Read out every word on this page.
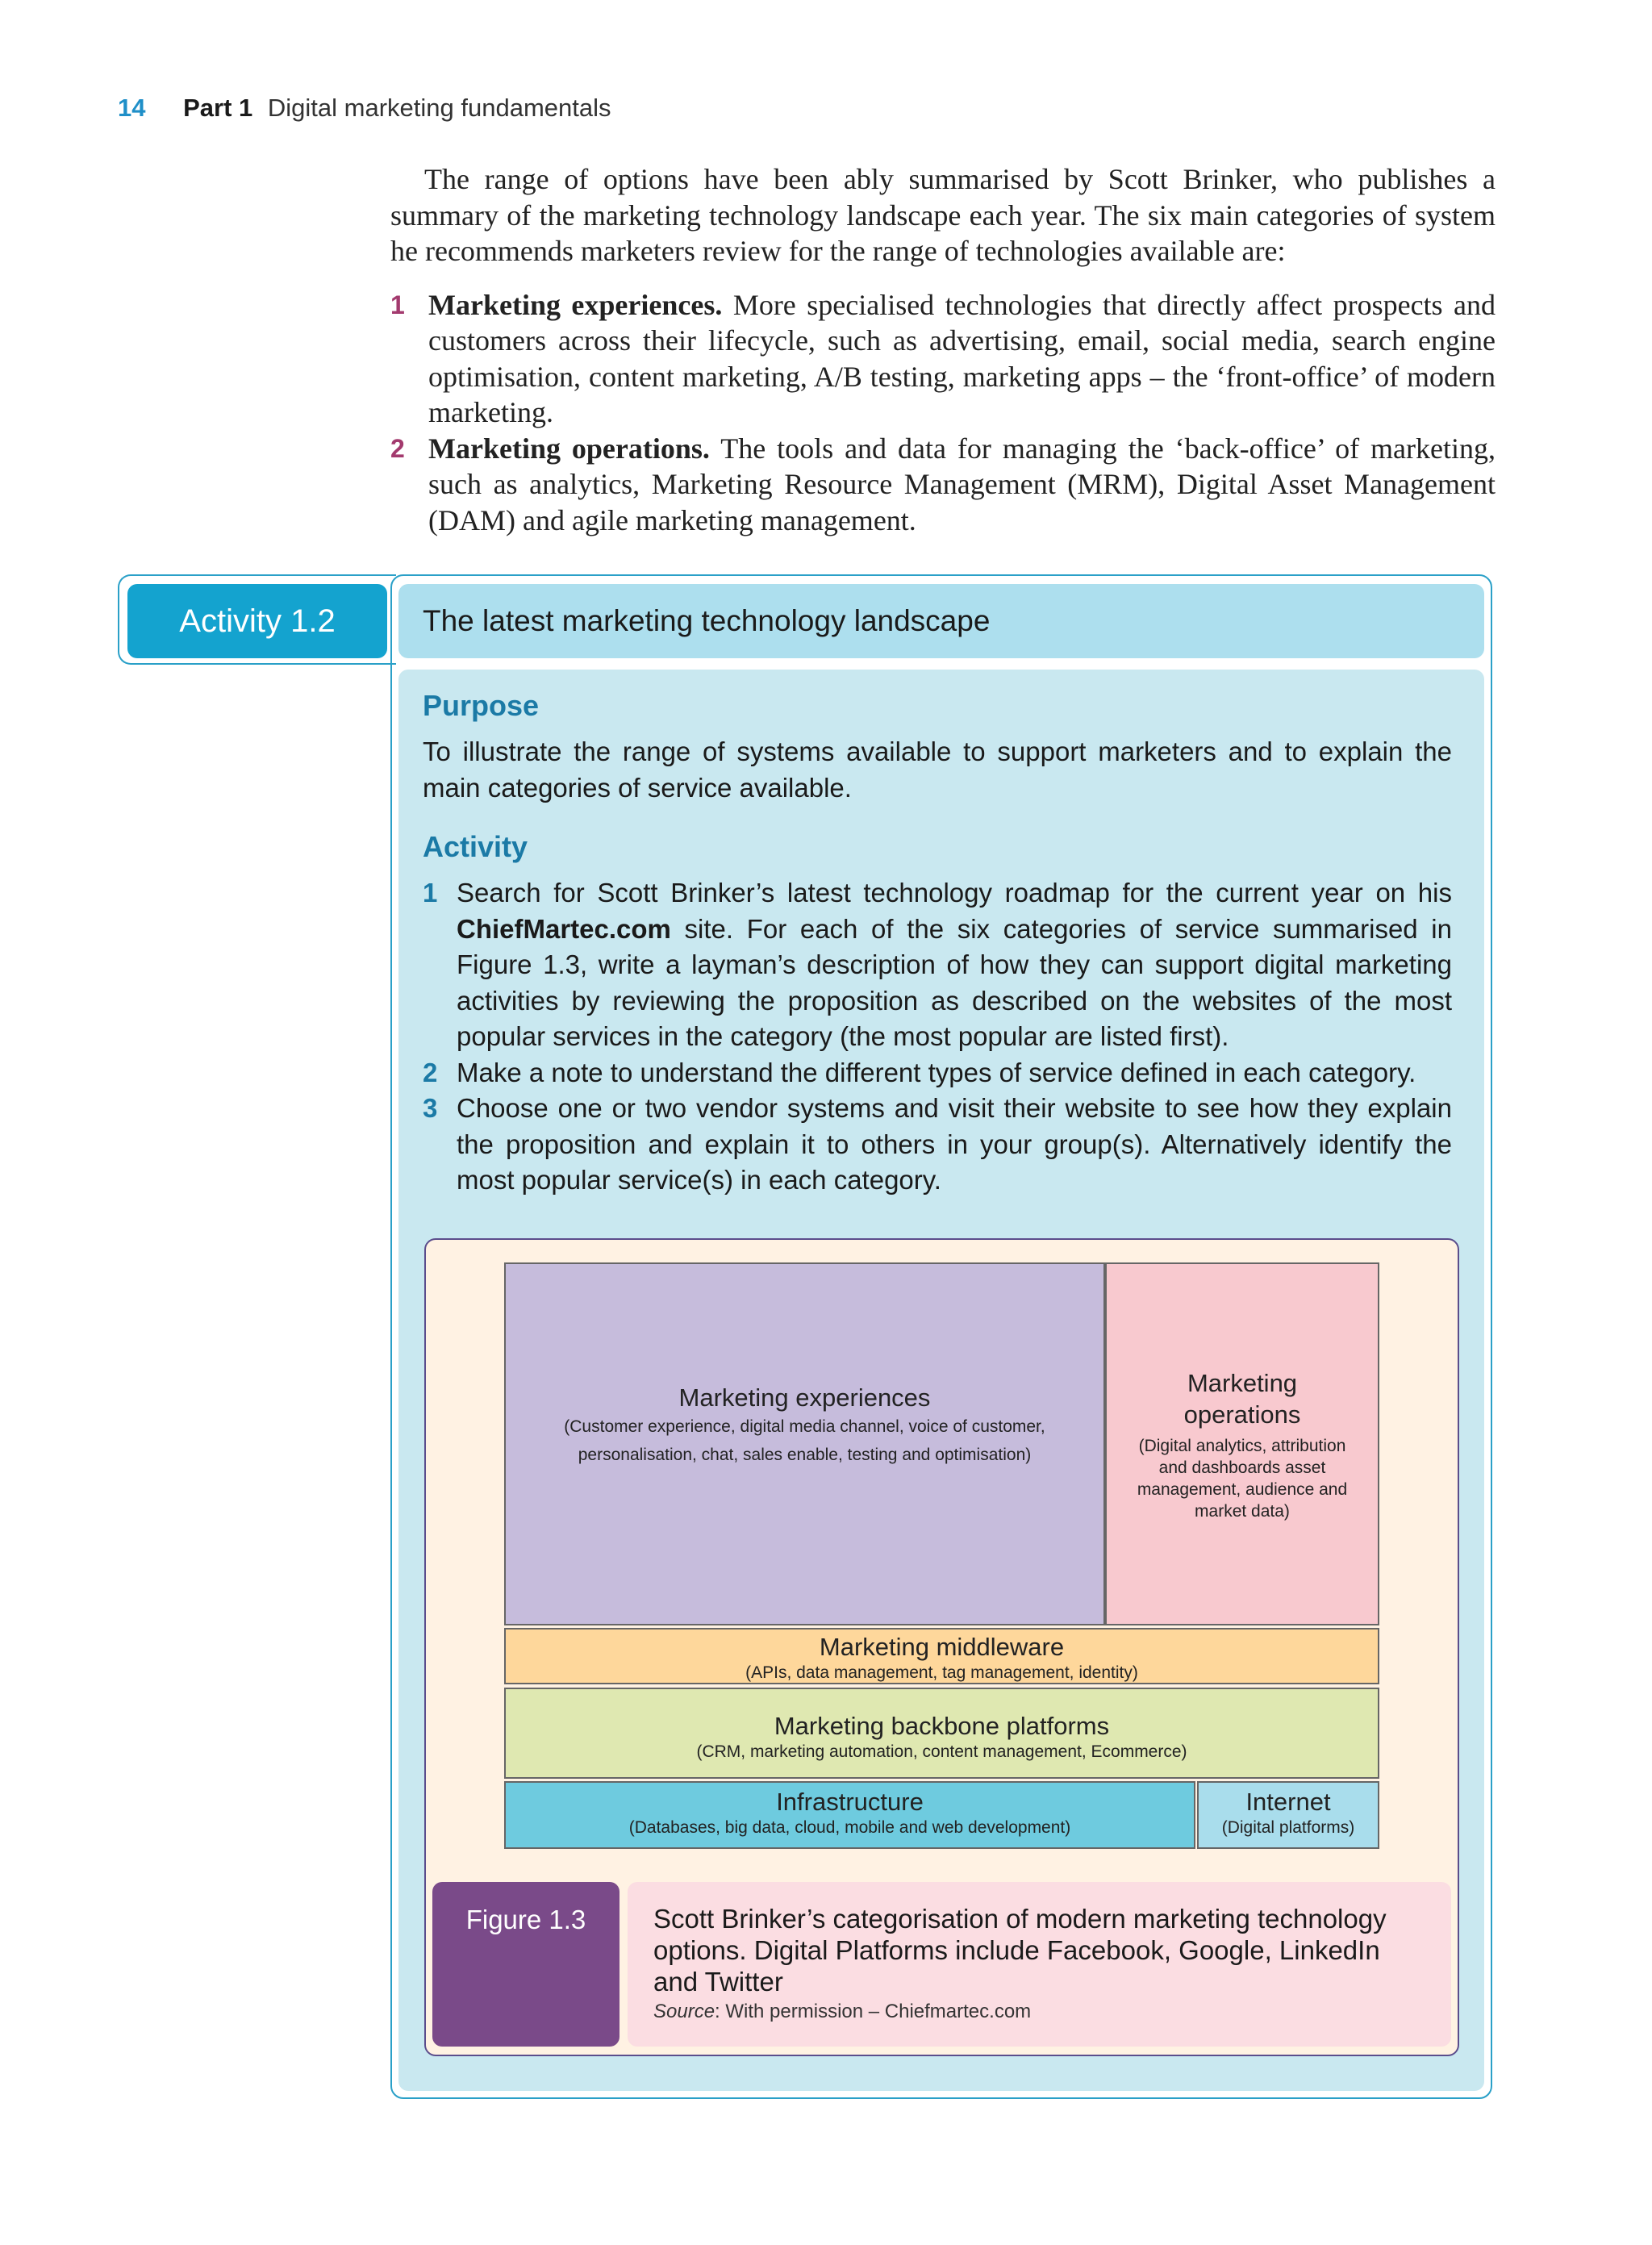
14 Part 1 Digital marketing fundamentals

The range of options have been ably summarised by Scott Brinker, who publishes a summary of the marketing technology landscape each year. The six main categories of system he recommends marketers review for the range of technologies available are:

1 Marketing experiences. More specialised technologies that directly affect prospects and customers across their lifecycle, such as advertising, email, social media, search engine optimisation, content marketing, A/B testing, marketing apps – the ‘front-office’ of modern marketing.
2 Marketing operations. The tools and data for managing the ‘back-office’ of marketing, such as analytics, Marketing Resource Management (MRM), Digital Asset Management (DAM) and agile marketing management.
Activity 1.2	The latest marketing technology landscape
Purpose
To illustrate the range of systems available to support marketers and to explain the main categories of service available.
Activity
1 Search for Scott Brinker’s latest technology roadmap for the current year on his ChiefMartec.com site. For each of the six categories of service summarised in Figure 1.3, write a layman’s description of how they can support digital marketing activities by reviewing the proposition as described on the websites of the most popular services in the category (the most popular are listed first).
2 Make a note to understand the different types of service defined in each category.
3 Choose one or two vendor systems and visit their website to see how they explain the proposition and explain it to others in your group(s). Alternatively identify the most popular service(s) in each category.
Marketing experiences
(Customer experience, digital media channel, voice of customer, personalisation, chat, sales enable, testing and optimisation)
Marketing operations
(Digital analytics, attribution and dashboards asset management, audience and market data)
Marketing middleware
(APIs, data management, tag management, identity)
Marketing backbone platforms
(CRM, marketing automation, content management, Ecommerce)
Infrastructure
(Databases, big data, cloud, mobile and web development)
Internet
(Digital platforms)
Figure 1.3	Scott Brinker’s categorisation of modern marketing technology options. Digital Platforms include Facebook, Google, LinkedIn and Twitter
Source: With permission – Chiefmartec.com
